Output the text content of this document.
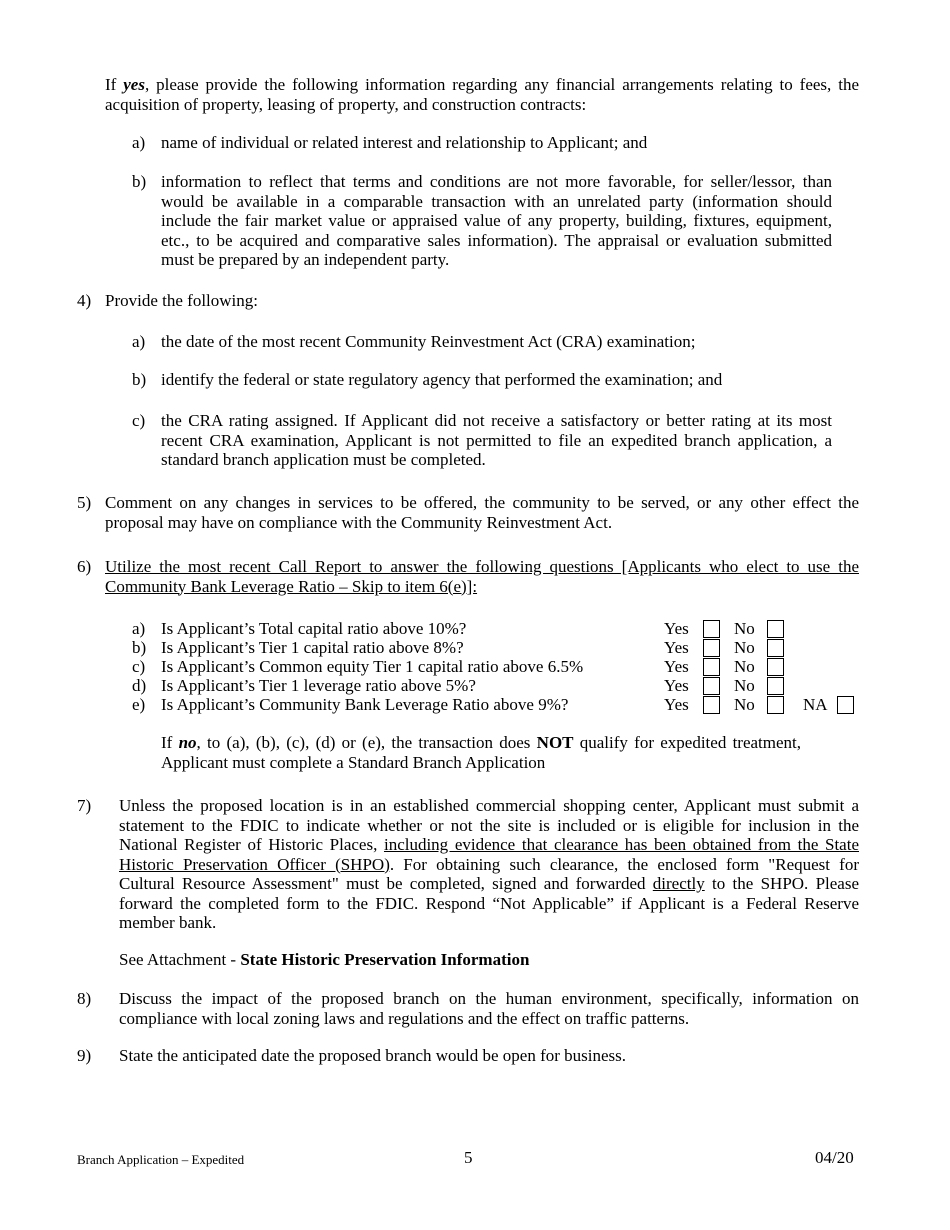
If yes, please provide the following information regarding any financial arrangements relating to fees, the acquisition of property, leasing of property, and construction contracts:
a) name of individual or related interest and relationship to Applicant; and
b) information to reflect that terms and conditions are not more favorable, for seller/lessor, than would be available in a comparable transaction with an unrelated party (information should include the fair market value or appraised value of any property, building, fixtures, equipment, etc., to be acquired and comparative sales information). The appraisal or evaluation submitted must be prepared by an independent party.
4) Provide the following:
a) the date of the most recent Community Reinvestment Act (CRA) examination;
b) identify the federal or state regulatory agency that performed the examination; and
c) the CRA rating assigned. If Applicant did not receive a satisfactory or better rating at its most recent CRA examination, Applicant is not permitted to file an expedited branch application, a standard branch application must be completed.
5) Comment on any changes in services to be offered, the community to be served, or any other effect the proposal may have on compliance with the Community Reinvestment Act.
6) Utilize the most recent Call Report to answer the following questions [Applicants who elect to use the Community Bank Leverage Ratio – Skip to item 6(e)]:
a) Is Applicant’s Total capital ratio above 10%?	Yes	No
b) Is Applicant’s Tier 1 capital ratio above 8%?	Yes	No
c) Is Applicant’s Common equity Tier 1 capital ratio above 6.5%	Yes	No
d) Is Applicant’s Tier 1 leverage ratio above 5%?	Yes	No
e) Is Applicant’s Community Bank Leverage Ratio above 9%?	Yes	No	NA
If no, to (a), (b), (c), (d) or (e), the transaction does NOT qualify for expedited treatment, Applicant must complete a Standard Branch Application
7) Unless the proposed location is in an established commercial shopping center, Applicant must submit a statement to the FDIC to indicate whether or not the site is included or is eligible for inclusion in the National Register of Historic Places, including evidence that clearance has been obtained from the State Historic Preservation Officer (SHPO). For obtaining such clearance, the enclosed form "Request for Cultural Resource Assessment" must be completed, signed and forwarded directly to the SHPO. Please forward the completed form to the FDIC. Respond “Not Applicable” if Applicant is a Federal Reserve member bank.
See Attachment - State Historic Preservation Information
8) Discuss the impact of the proposed branch on the human environment, specifically, information on compliance with local zoning laws and regulations and the effect on traffic patterns.
9) State the anticipated date the proposed branch would be open for business.
Branch Application – Expedited	5	04/20
